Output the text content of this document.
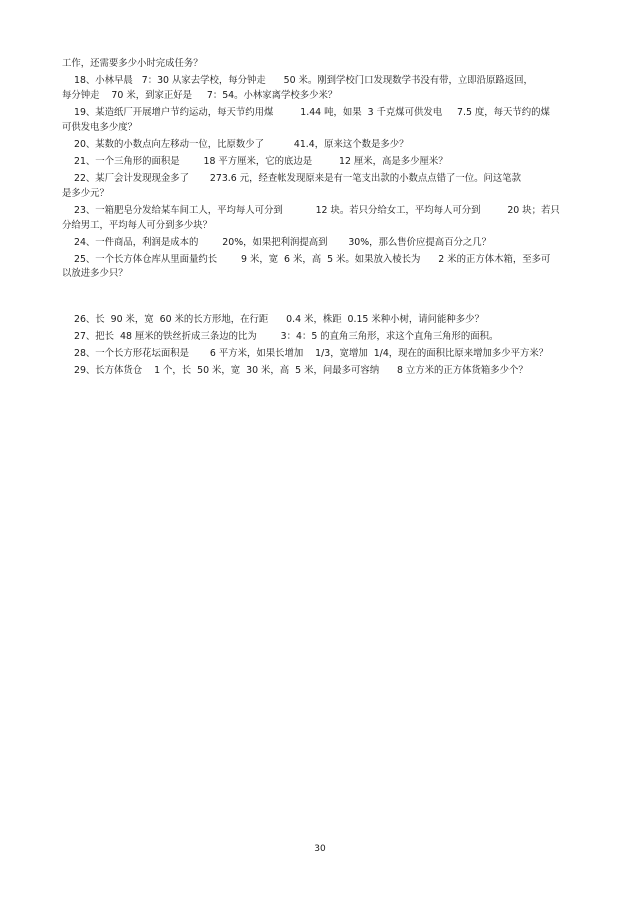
工作，还需要多少小时完成任务？
18、小林早晨   7：30 从家去学校，每分钟走      50 米。刚到学校门口发现数学书没有带，立即沿原路返回，
每分钟走    70 米，到家正好是     7：54。小林家离学校多少米？
19、某造纸厂开展增户节约运动，每天节约用煤         1.44 吨，如果  3 千克煤可供发电     7.5 度，每天节约的煤
可供发电多少度？
20、某数的小数点向左移动一位，比原数少了          41.4，原来这个数是多少？
21、一个三角形的面积是        18 平方厘米，它的底边是         12 厘米，高是多少厘米？
22、某厂会计发现现金多了       273.6 元，经查帐发现原来是有一笔支出款的小数点点错了一位。问这笔款
是多少元？
23、一箱肥皂分发给某车间工人，平均每人可分到           12 块。若只分给女工，平均每人可分到         20 块；若只
分给男工，平均每人可分到多少块？
24、一件商品，利润是成本的        20%，如果把利润提高到       30%，那么售价应提高百分之几？
25、一个长方体仓库从里面量约长        9 米，宽  6 米，高  5 米。如果放入棱长为      2 米的正方体木箱，至多可
以放进多少只？
26、长  90 米，宽  60 米的长方形地，在行距      0.4 米，株距  0.15 米种小树，请问能种多少？
27、把长  48 厘米的铁丝折成三条边的比为        3：4：5 的直角三角形，求这个直角三角形的面积。
28、一个长方形花坛面积是       6 平方米，如果长增加    1/3，宽增加  1/4，现在的面积比原来增加多少平方米？
29、长方体货仓    1 个，长  50 米，宽  30 米，高  5 米，问最多可容纳      8 立方米的正方体货箱多少个？
30
